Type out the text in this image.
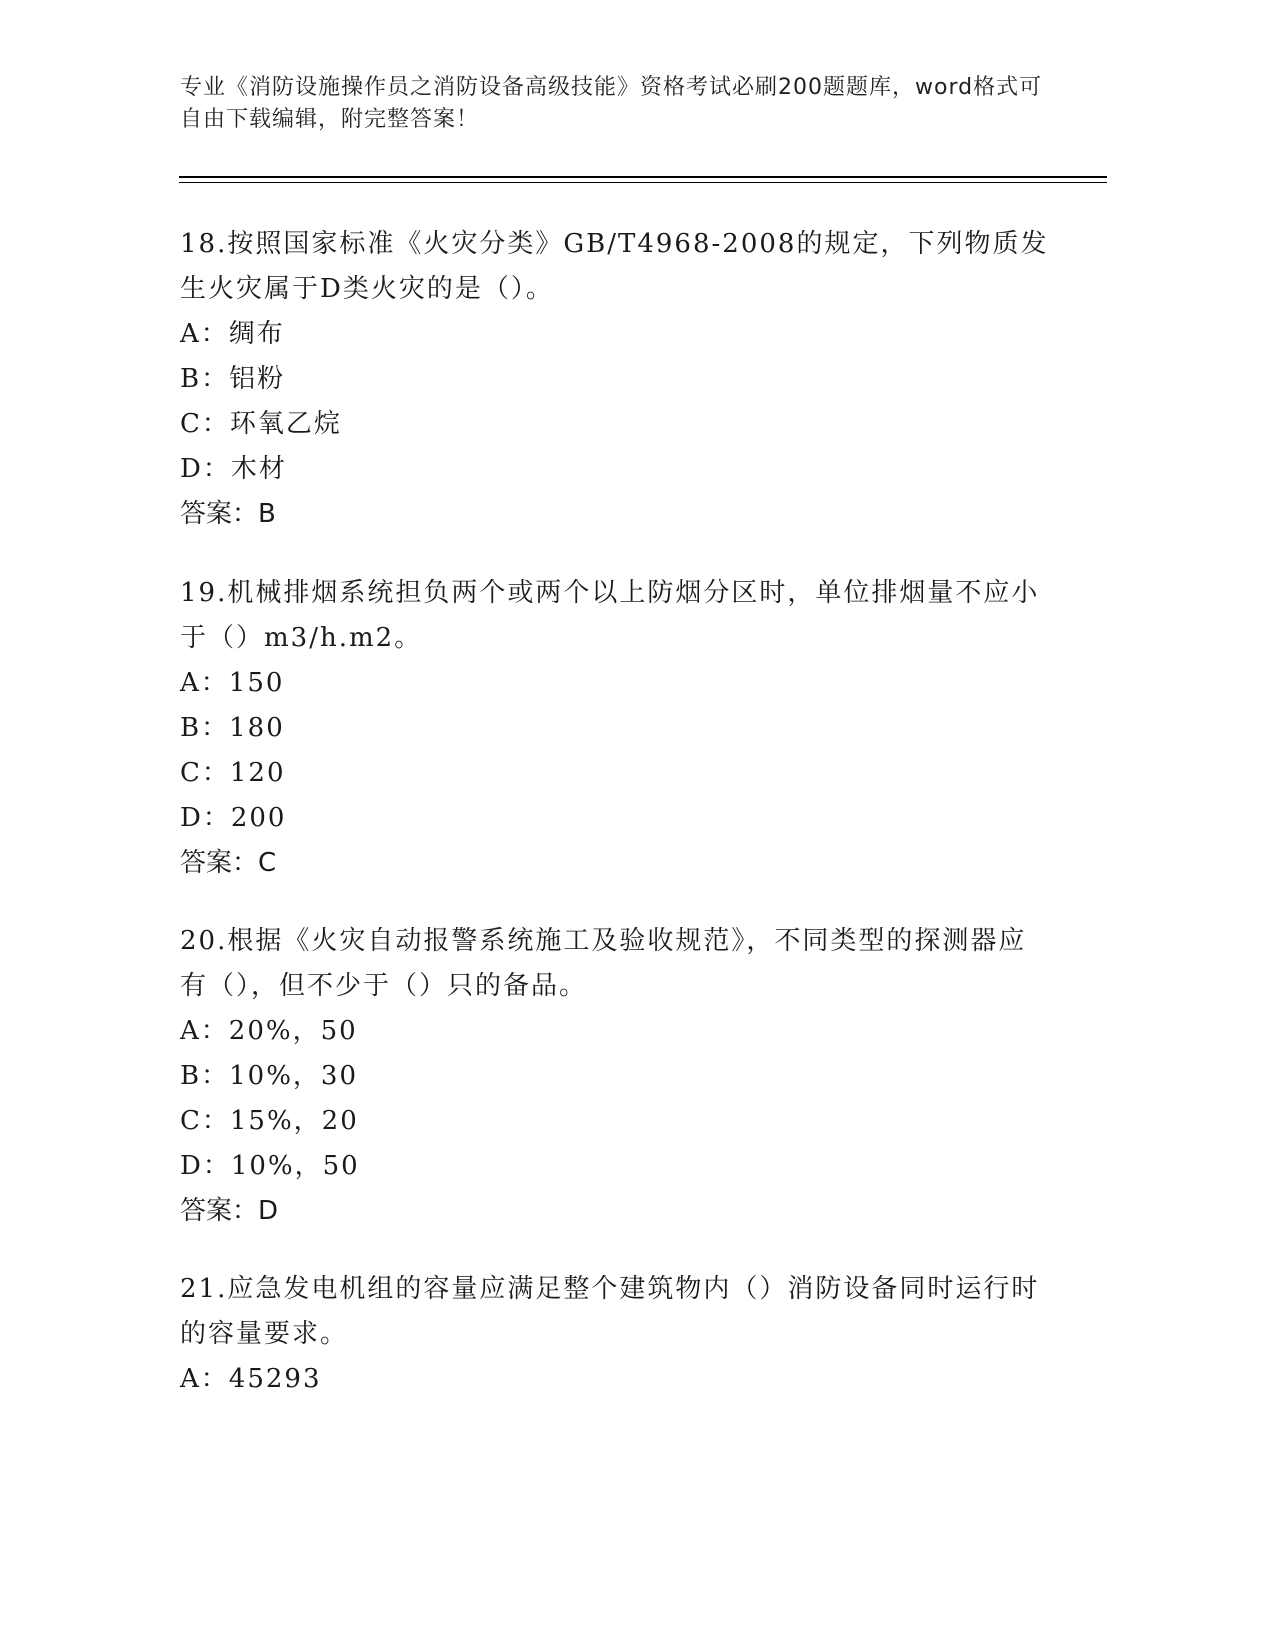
专业《消防设施操作员之消防设备高级技能》资格考试必刷200题题库，word格式可自由下载编辑，附完整答案！

18.按照国家标准《火灾分类》GB/T4968-2008的规定，下列物质发生火灾属于D类火灾的是（）。

A：绸布

B：铝粉

C：环氧乙烷

D：木材

答案：B

19.机械排烟系统担负两个或两个以上防烟分区时，单位排烟量不应小于（）m3/h.m2。

A：150

B：180

C：120

D：200

答案：C

20.根据《火灾自动报警系统施工及验收规范》，不同类型的探测器应有（），但不少于（）只的备品。

A：20%，50

B：10%，30

C：15%，20

D：10%，50

答案：D

21.应急发电机组的容量应满足整个建筑物内（）消防设备同时运行时的容量要求。

A：45293
